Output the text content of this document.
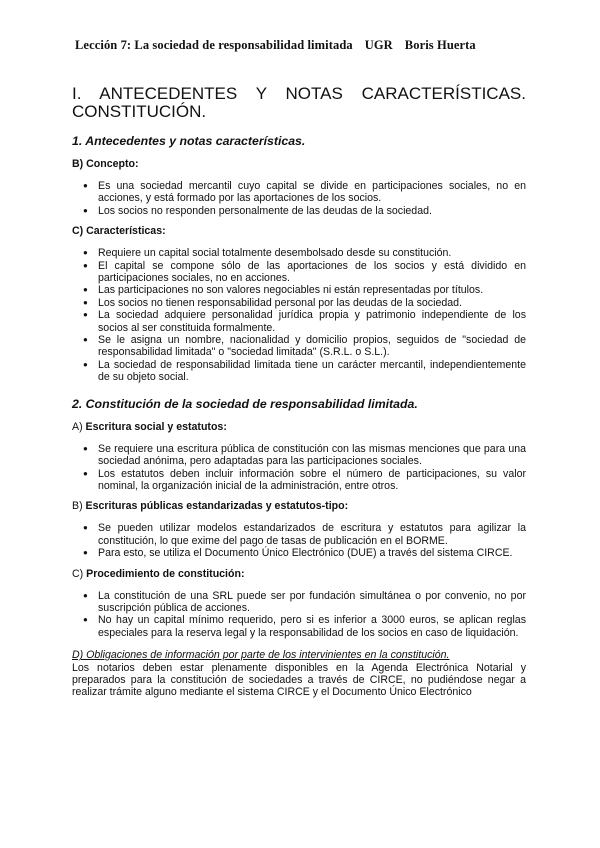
Lección 7: La sociedad de responsabilidad limitada UGR Boris Huerta
I. ANTECEDENTES Y NOTAS CARACTERÍSTICAS.
CONSTITUCIÓN.
1. Antecedentes y notas características.
B) Concepto:
● Es una sociedad mercantil cuyo capital se divide en participaciones sociales, no en acciones, y está formado por las aportaciones de los socios.
● Los socios no responden personalmente de las deudas de la sociedad.
C) Características:
● Requiere un capital social totalmente desembolsado desde su constitución.
● El capital se compone sólo de las aportaciones de los socios y está dividido en participaciones sociales, no en acciones.
● Las participaciones no son valores negociables ni están representadas por títulos.
● Los socios no tienen responsabilidad personal por las deudas de la sociedad.
● La sociedad adquiere personalidad jurídica propia y patrimonio independiente de los socios al ser constituida formalmente.
● Se le asigna un nombre, nacionalidad y domicilio propios, seguidos de "sociedad de responsabilidad limitada" o "sociedad limitada" (S.R.L. o S.L.).
● La sociedad de responsabilidad limitada tiene un carácter mercantil, independientemente de su objeto social.
2. Constitución de la sociedad de responsabilidad limitada.
A) Escritura social y estatutos:
● Se requiere una escritura pública de constitución con las mismas menciones que para una sociedad anónima, pero adaptadas para las participaciones sociales.
● Los estatutos deben incluir información sobre el número de participaciones, su valor nominal, la organización inicial de la administración, entre otros.
B) Escrituras públicas estandarizadas y estatutos-tipo:
● Se pueden utilizar modelos estandarizados de escritura y estatutos para agilizar la constitución, lo que exime del pago de tasas de publicación en el BORME.
● Para esto, se utiliza el Documento Único Electrónico (DUE) a través del sistema CIRCE.
C) Procedimiento de constitución:
● La constitución de una SRL puede ser por fundación simultánea o por convenio, no por suscripción pública de acciones.
● No hay un capital mínimo requerido, pero si es inferior a 3000 euros, se aplican reglas especiales para la reserva legal y la responsabilidad de los socios en caso de liquidación.
D) Obligaciones de información por parte de los intervinientes en la constitución.
Los notarios deben estar plenamente disponibles en la Agenda Electrónica Notarial y preparados para la constitución de sociedades a través de CIRCE, no pudiéndose negar a realizar trámite alguno mediante el sistema CIRCE y el Documento Único Electrónico
